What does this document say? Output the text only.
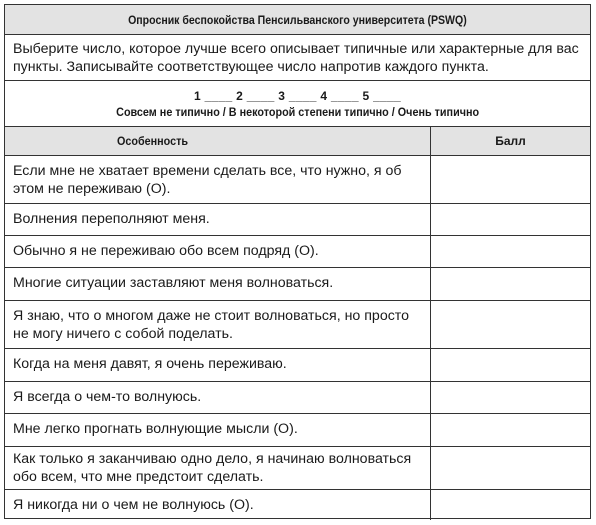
Опросник беспокойства Пенсильванского университета (PSWQ)
Выберите число, которое лучше всего описывает типичные или характерные для вас пункты. Записывайте соответствующее число напротив каждого пункта.
1 ____ 2 ____ 3 ____ 4 ____ 5 ____
Совсем не типично / В некоторой степени типично / Очень типично
Особенность	Балл
Если мне не хватает времени сделать все, что нужно, я об этом не переживаю (О).
Волнения переполняют меня.
Обычно я не переживаю обо всем подряд (О).
Многие ситуации заставляют меня волноваться.
Я знаю, что о многом даже не стоит волноваться, но просто не могу ничего с собой поделать.
Когда на меня давят, я очень переживаю.
Я всегда о чем-то волнуюсь.
Мне легко прогнать волнующие мысли (О).
Как только я заканчиваю одно дело, я начинаю волноваться обо всем, что мне предстоит сделать.
Я никогда ни о чем не волнуюсь (О).
